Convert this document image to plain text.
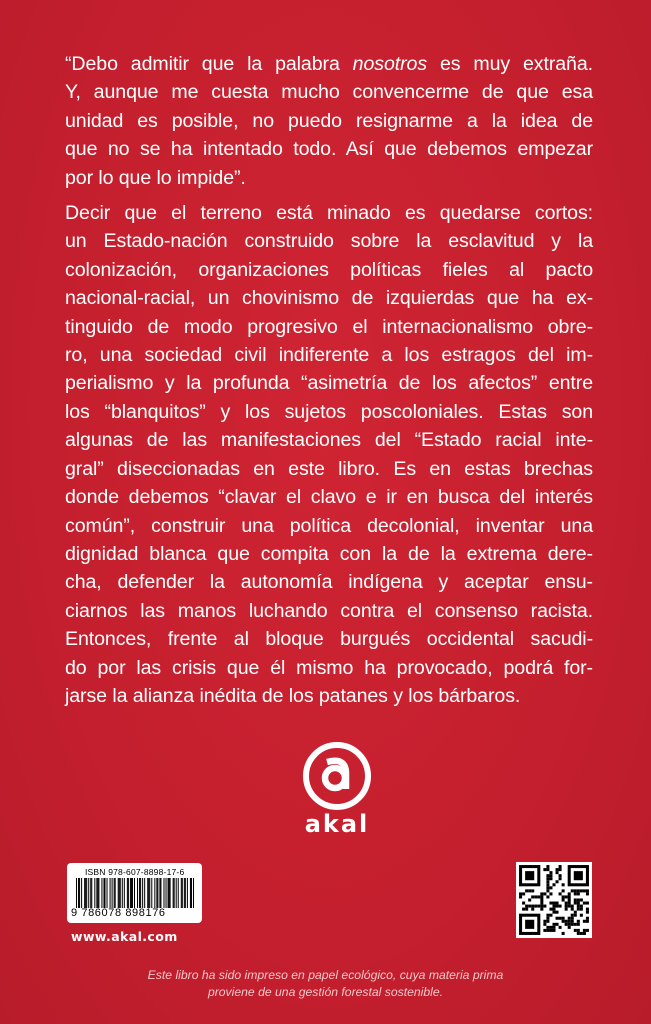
“Debo admitir que la palabra nosotros es muy extraña.
Y, aunque me cuesta mucho convencerme de que esa
unidad es posible, no puedo resignarme a la idea de
que no se ha intentado todo. Así que debemos empezar
por lo que lo impide”.

Decir que el terreno está minado es quedarse cortos:
un Estado-nación construido sobre la esclavitud y la
colonización, organizaciones políticas fieles al pacto
nacional-racial, un chovinismo de izquierdas que ha ex-
tinguido de modo progresivo el internacionalismo obre-
ro, una sociedad civil indiferente a los estragos del im-
perialismo y la profunda “asimetría de los afectos” entre
los “blanquitos” y los sujetos poscoloniales. Estas son
algunas de las manifestaciones del “Estado racial inte-
gral” diseccionadas en este libro. Es en estas brechas
donde debemos “clavar el clavo e ir en busca del interés
común”, construir una política decolonial, inventar una
dignidad blanca que compita con la de la extrema dere-
cha, defender la autonomía indígena y aceptar ensu-
ciarnos las manos luchando contra el consenso racista.
Entonces, frente al bloque burgués occidental sacudi-
do por las crisis que él mismo ha provocado, podrá for-
jarse la alianza inédita de los patanes y los bárbaros.

akal
ISBN 978-607-8898-17-6
9 786078 898176
www.akal.com
Este libro ha sido impreso en papel ecológico, cuya materia prima
proviene de una gestión forestal sostenible.
